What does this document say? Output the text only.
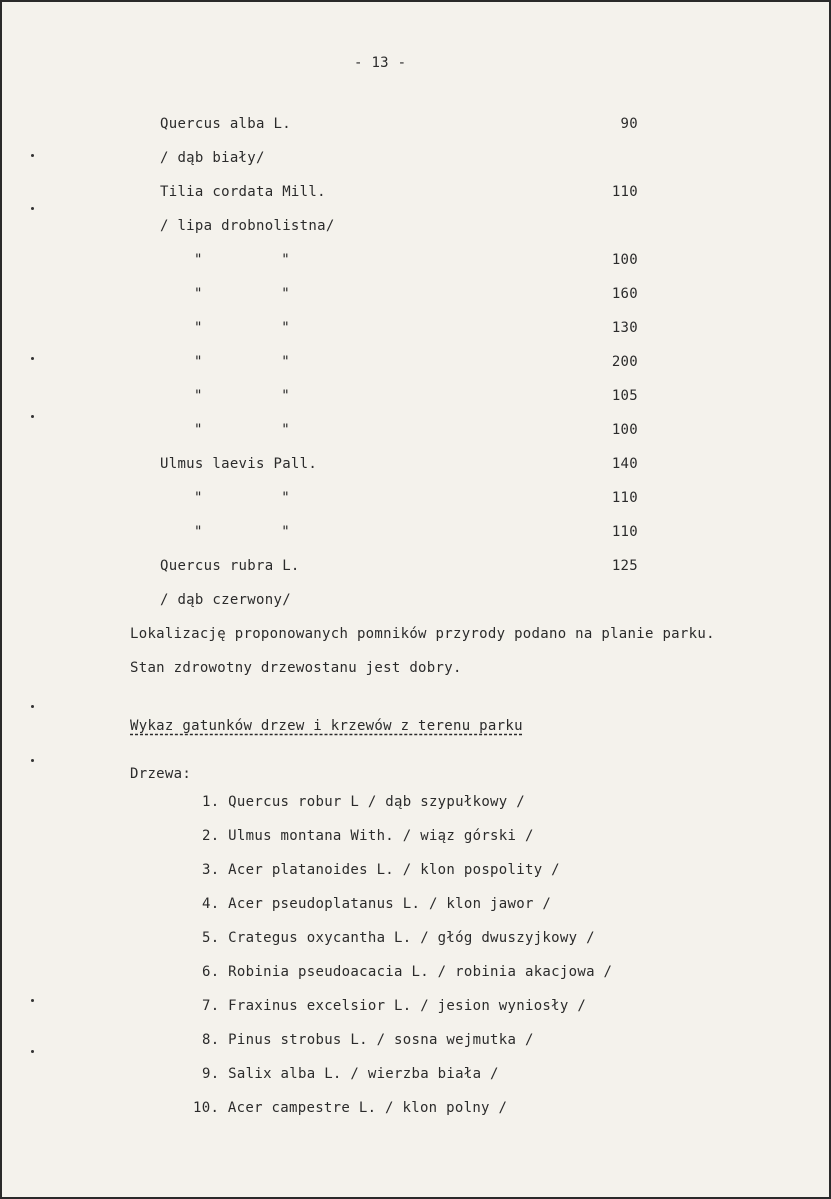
- 13 -
Quercus alba L.	90
/ dąb biały/
Tilia cordata Mill.	110
/ lipa drobnolistna/
"         "	100
"         "	160
"         "	130
"         "	200
"         "	105
"         "	100
Ulmus laevis Pall.	140
"         "	110
"         "	110
Quercus rubra L.	125
/ dąb czerwony/
Lokalizację proponowanych pomników przyrody podano na planie parku.
Stan zdrowotny drzewostanu jest dobry.
Wykaz gatunków drzew i krzewów z terenu parku
Drzewa:
1. Quercus robur L / dąb szypułkowy /
2. Ulmus montana With. / wiąz górski /
3. Acer platanoides L. / klon pospolity /
4. Acer pseudoplatanus L. / klon jawor /
5. Crategus oxycantha L. / głóg dwuszyjkowy /
6. Robinia pseudoacacia L. / robinia akacjowa /
7. Fraxinus excelsior L. / jesion wyniosły /
8. Pinus strobus L. / sosna wejmutka /
9. Salix alba L. / wierzba biała /
10. Acer campestre L. / klon polny /
